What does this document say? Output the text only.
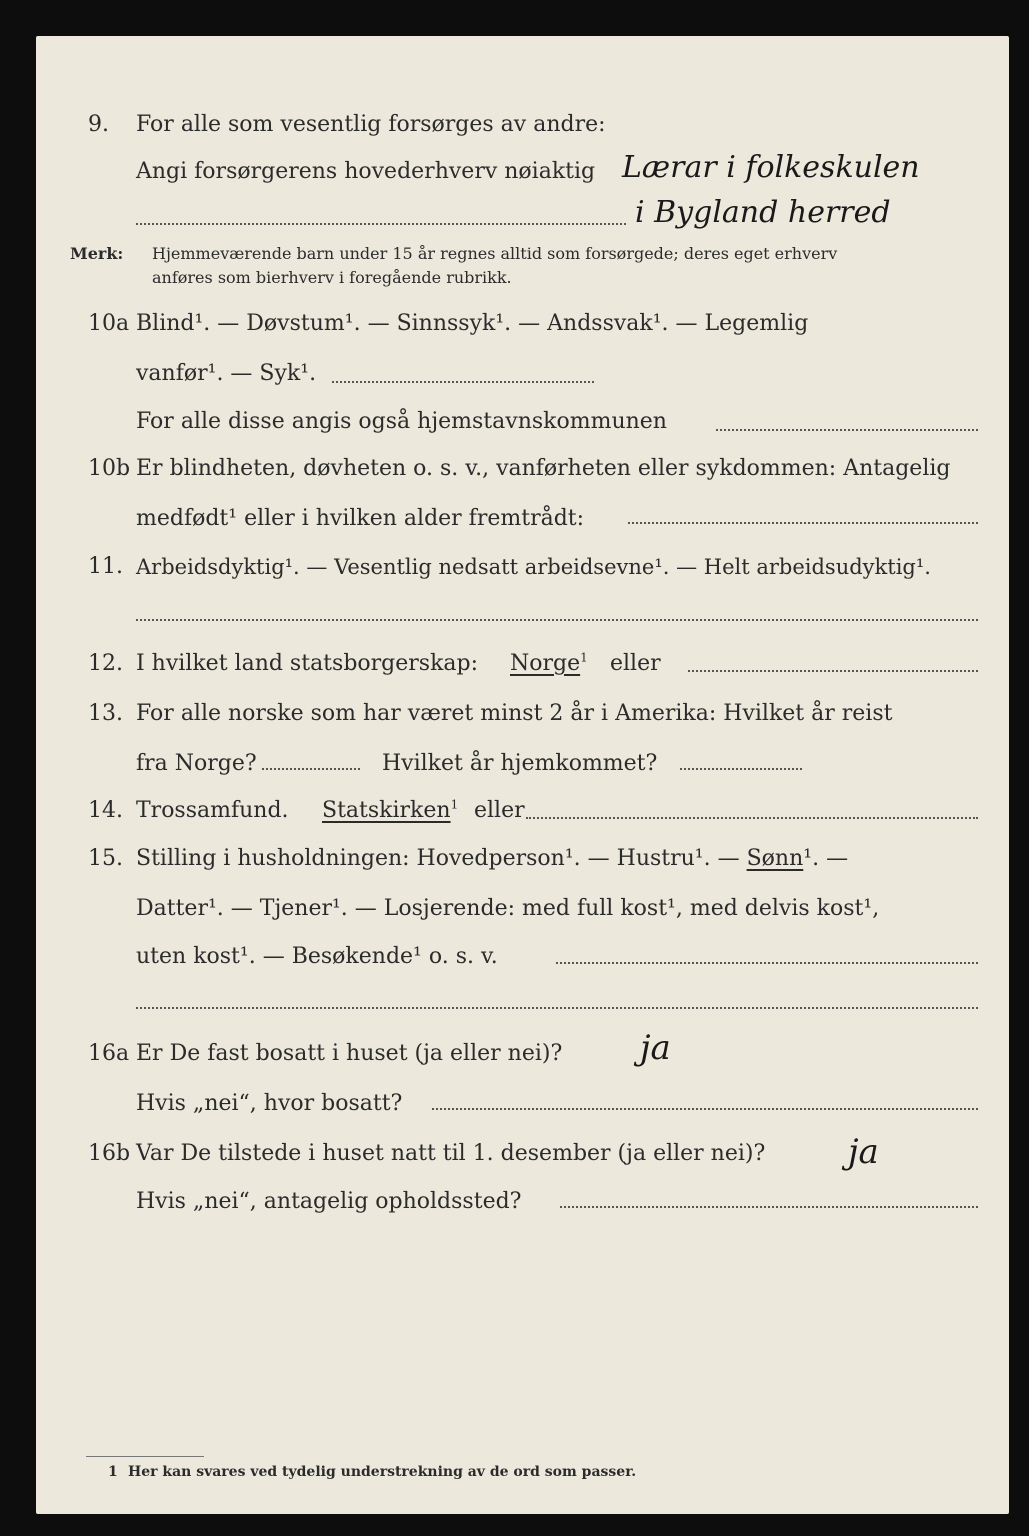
9. For alle som vesentlig forsørges av andre:
Angi forsørgerens hovederhverv nøiaktig Lærar i folkeskulen
i Bygland herred
Merk: Hjemmeværende barn under 15 år regnes alltid som forsørgede; deres eget erhverv
anføres som bierhverv i foregående rubrikk.
10a Blind¹. — Døvstum¹. — Sinnssyk¹. — Andssvak¹. — Legemlig
vanfør¹. — Syk¹.
For alle disse angis også hjemstavnskommunen
10b Er blindheten, døvheten o. s. v., vanførheten eller sykdommen: Antagelig
medfødt¹ eller i hvilken alder fremtrådt:
11. Arbeidsdyktig¹. — Vesentlig nedsatt arbeidsevne¹. — Helt arbeidsudyktig¹.
12. I hvilket land statsborgerskap: Norge$^1$ eller
13. For alle norske som har været minst 2 år i Amerika: Hvilket år reist
fra Norge?	Hvilket år hjemkommet?
14. Trossamfund. Statskirken$^1$ eller
15. Stilling i husholdningen: Hovedperson¹. — Hustru¹. — Sønn¹. —
Datter¹. — Tjener¹. — Losjerende: med full kost¹, med delvis kost¹,
uten kost¹. — Besøkende¹ o. s. v.
16a Er De fast bosatt i huset (ja eller nei)? ja
Hvis „nei“, hvor bosatt?
16b Var De tilstede i huset natt til 1. desember (ja eller nei)? ja
Hvis „nei“, antagelig opholdssted?
1 Her kan svares ved tydelig understrekning av de ord som passer.
